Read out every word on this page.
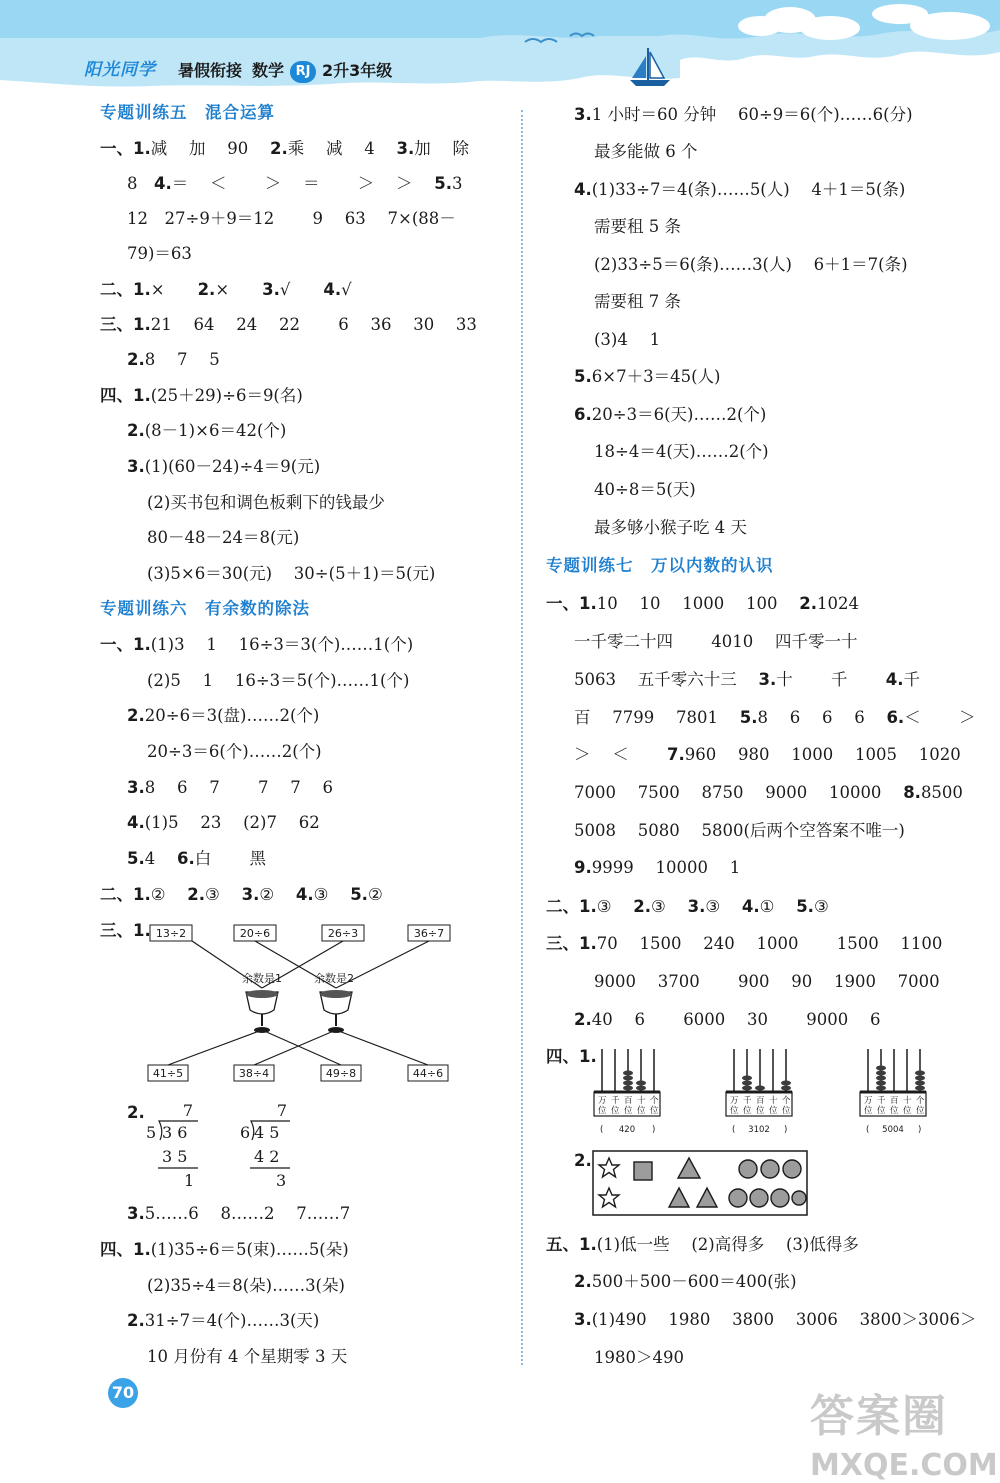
阳光同学 暑假衔接 数学 RJ 2升3年级
专题训练五　混合运算
一、1.减　 加　 90　 2.乘　 减　 4　 3.加　 除
8　4.＝　 ＜　　 ＞　 ＝　　 ＞　 ＞　 5.3
12　27÷9＋9＝12　　 9　 63　 7×(88－
79)＝63
二、1.×　　2.×　　3.√　　4.√
三、1.21　 64　 24　 22　　 6　 36　 30　 33
2.8　 7　 5
四、1.(25＋29)÷6＝9(名)
2.(8－1)×6＝42(个)
3.(1)(60－24)÷4＝9(元)
(2)买书包和调色板剩下的钱最少
80－48－24＝8(元)
(3)5×6＝30(元)　 30÷(5＋1)＝5(元)
专题训练六　有余数的除法
一、1.(1)3　 1　 16÷3＝3(个)……1(个)
(2)5　 1　 16÷3＝5(个)……1(个)
2.20÷6＝3(盘)……2(个)
20÷3＝6(个)……2(个)
3.8　 6　 7　　 7　 7　 6
4.(1)5　 23　 (2)7　 62
5.4　 6.白　　 黑
二、1.②　 2.③　 3.②　 4.③　 5.②
三、1. 13÷2	20÷6	26÷3	36÷7
41÷5	38÷4	49÷8	44÷6
余数是1	余数是2
2. 7
5 3 6
3 5
1
7
6 4 5
4 2
3
3.5……6　 8……2　 7……7
四、1.(1)35÷6＝5(束)……5(朵)
(2)35÷4＝8(朵)……3(朵)
2.31÷7＝4(个)……3(天)
10 月份有 4 个星期零 3 天
3.1 小时＝60 分钟　 60÷9＝6(个)……6(分)
最多能做 6 个
4.(1)33÷7＝4(条)……5(人)　 4＋1＝5(条)
需要租 5 条
(2)33÷5＝6(条)……3(人)　 6＋1＝7(条)
需要租 7 条
(3)4　 1
5.6×7＋3＝45(人)
6.20÷3＝6(天)……2(个)
18÷4＝4(天)……2(个)
40÷8＝5(天)
最多够小猴子吃 4 天
专题训练七　万以内数的认识
一、1.10　 10　 1000　 100　 2.1024
一千零二十四　　 4010　 四千零一十
5063　 五千零六十三　 3.十　　 千　　 4.千
百　 7799　 7801　 5.8　 6　 6　 6　 6.＜　　 ＞
＞　 ＜　　 7.960　 980　 1000　 1005　 1020
7000　 7500　 8750　 9000　 10000　 8.8500
5008　 5080　 5800(后两个空答案不唯一)
9.9999　 10000　 1
二、1.③　 2.③　 3.③　 4.①　 5.③
三、1.70　 1500　 240　 1000　　 1500　 1100
9000　 3700　　 900　 90　 1900　 7000
2.40　 6　　 6000　 30　　 9000　 6
四、1.
万 千 百 十 个
位 位 位 位 位
( 420 )
万 千 百 十 个
位 位 位 位 位
( 3102 )
万 千 百 十 个
位 位 位 位 位
( 5004 )
2.
五、1.(1)低一些　 (2)高得多　 (3)低得多
2.500＋500－600＝400(张)
3.(1)490　 1980　 3800　 3006　 3800＞3006＞
1980＞490
70	答案圈
MXQE.COM
